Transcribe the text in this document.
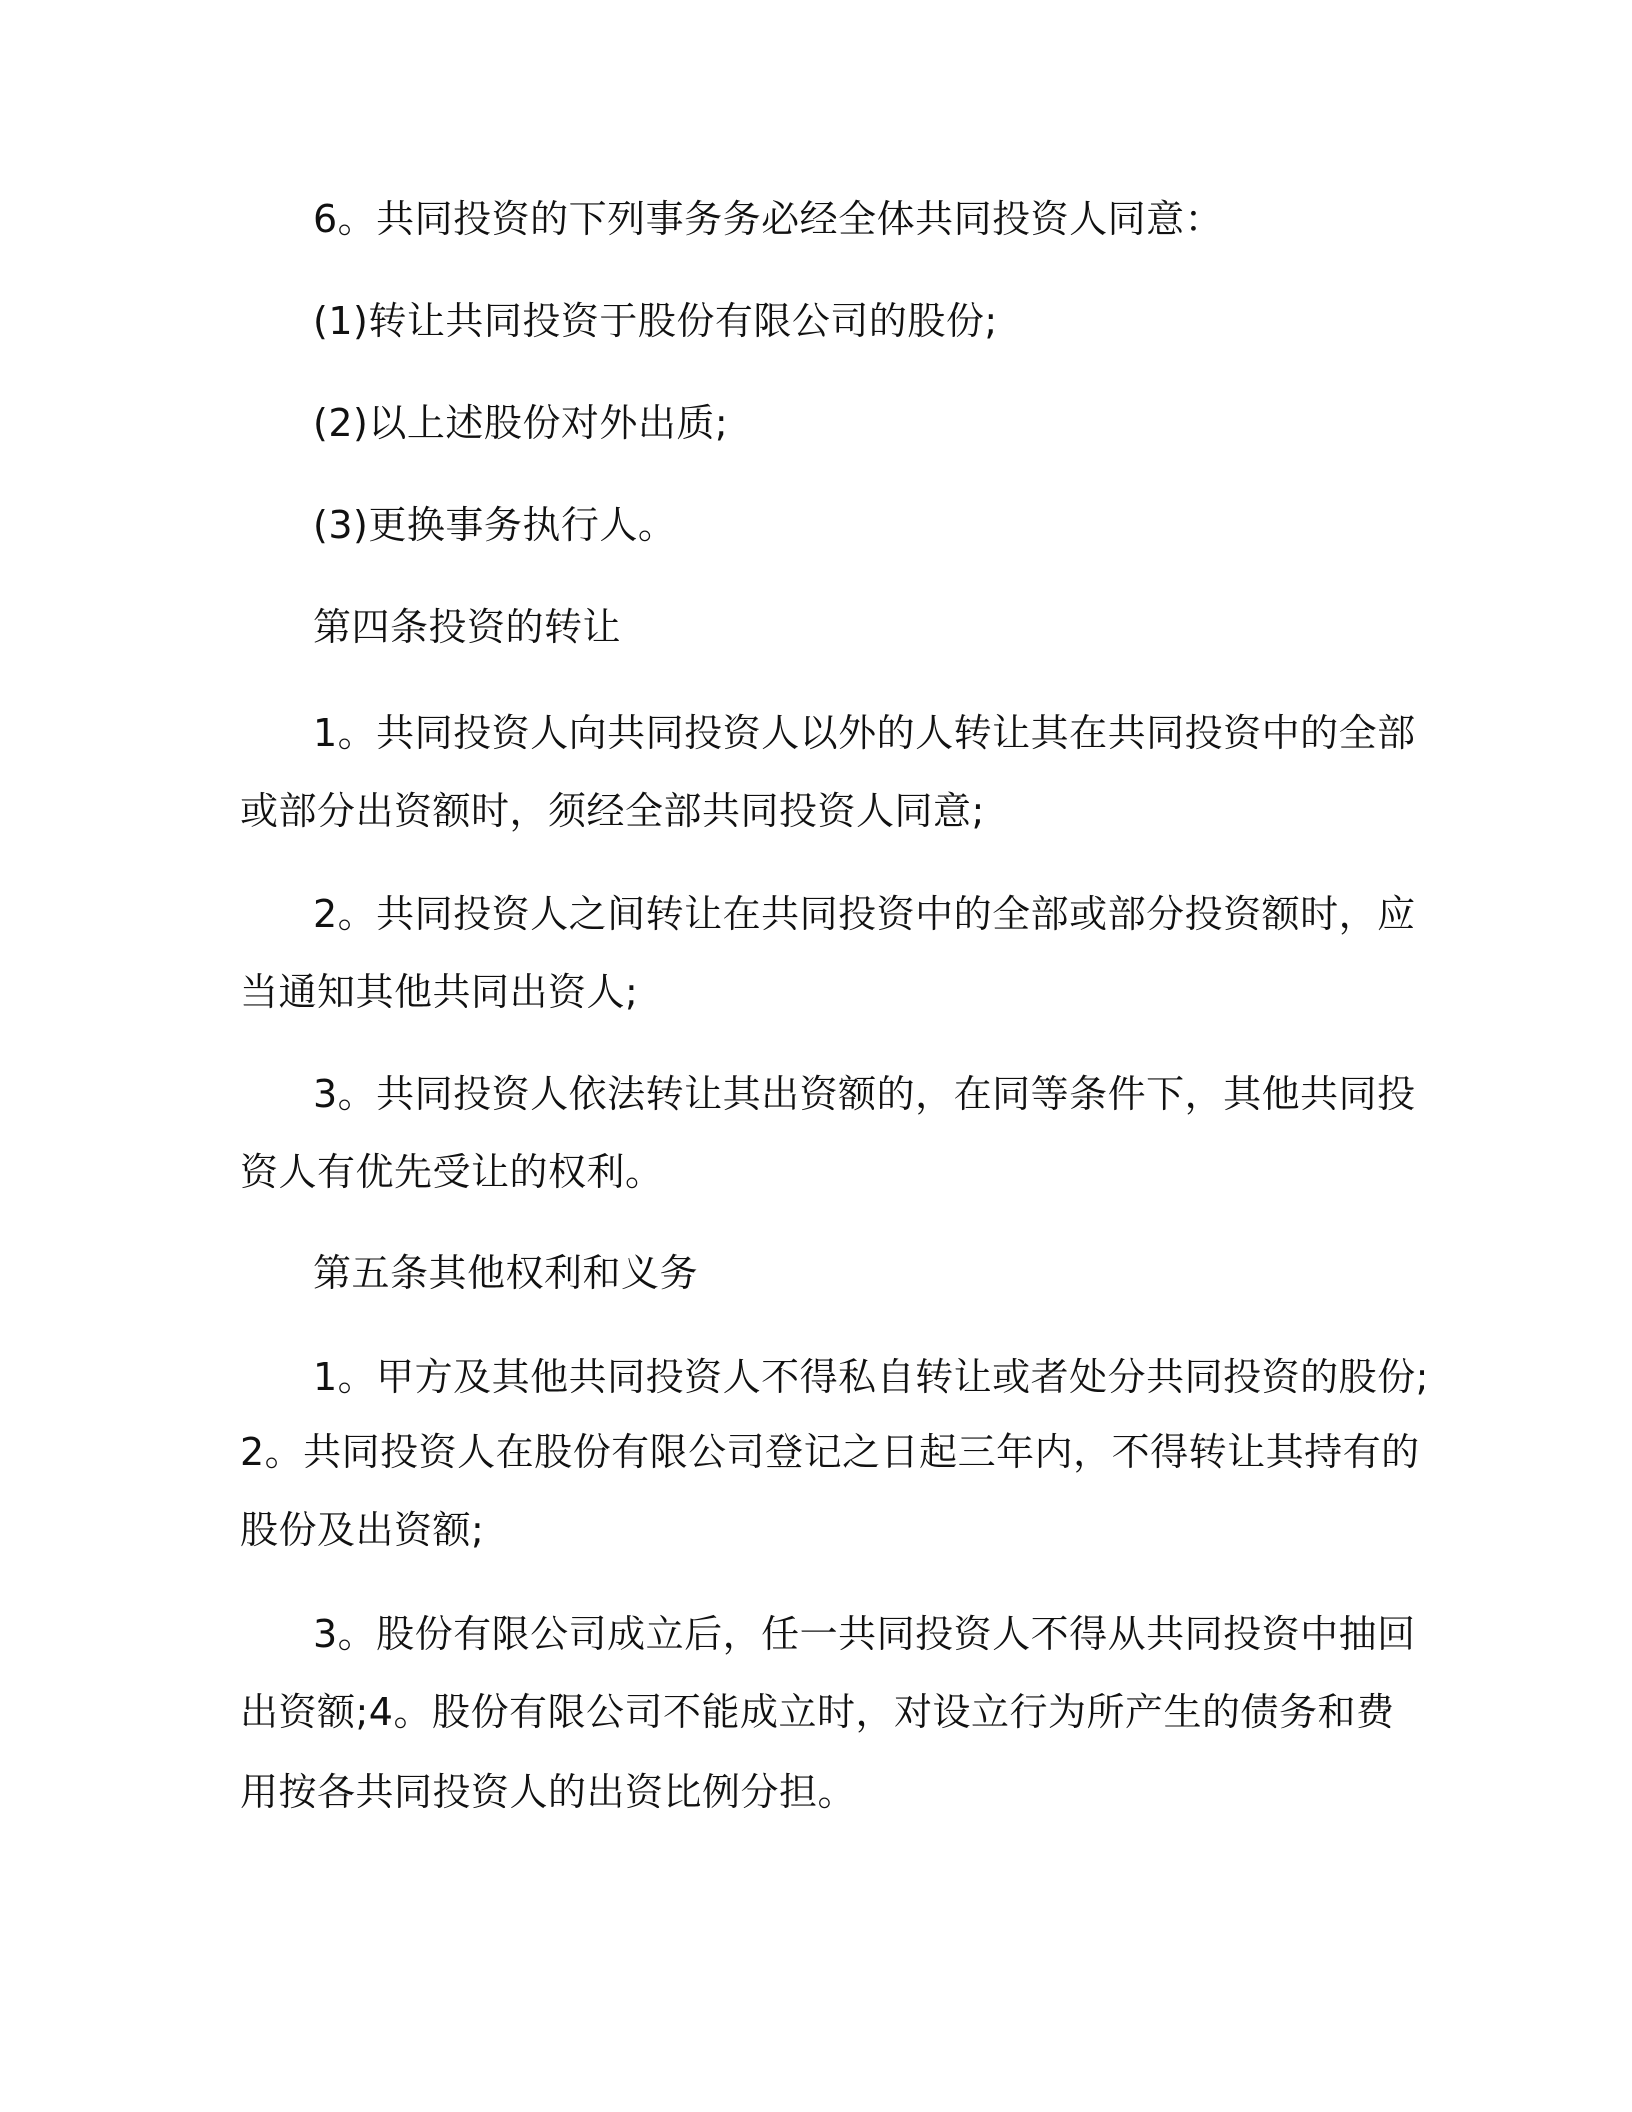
6。共同投资的下列事务务必经全体共同投资人同意：
(1)转让共同投资于股份有限公司的股份;
(2)以上述股份对外出质;
(3)更换事务执行人。
第四条投资的转让
1。共同投资人向共同投资人以外的人转让其在共同投资中的全部
或部分出资额时，须经全部共同投资人同意;
2。共同投资人之间转让在共同投资中的全部或部分投资额时，应
当通知其他共同出资人;
3。共同投资人依法转让其出资额的，在同等条件下，其他共同投
资人有优先受让的权利。
第五条其他权利和义务
1。甲方及其他共同投资人不得私自转让或者处分共同投资的股份;
2。共同投资人在股份有限公司登记之日起三年内，不得转让其持有的
股份及出资额;
3。股份有限公司成立后，任一共同投资人不得从共同投资中抽回
出资额;4。股份有限公司不能成立时，对设立行为所产生的债务和费
用按各共同投资人的出资比例分担。
